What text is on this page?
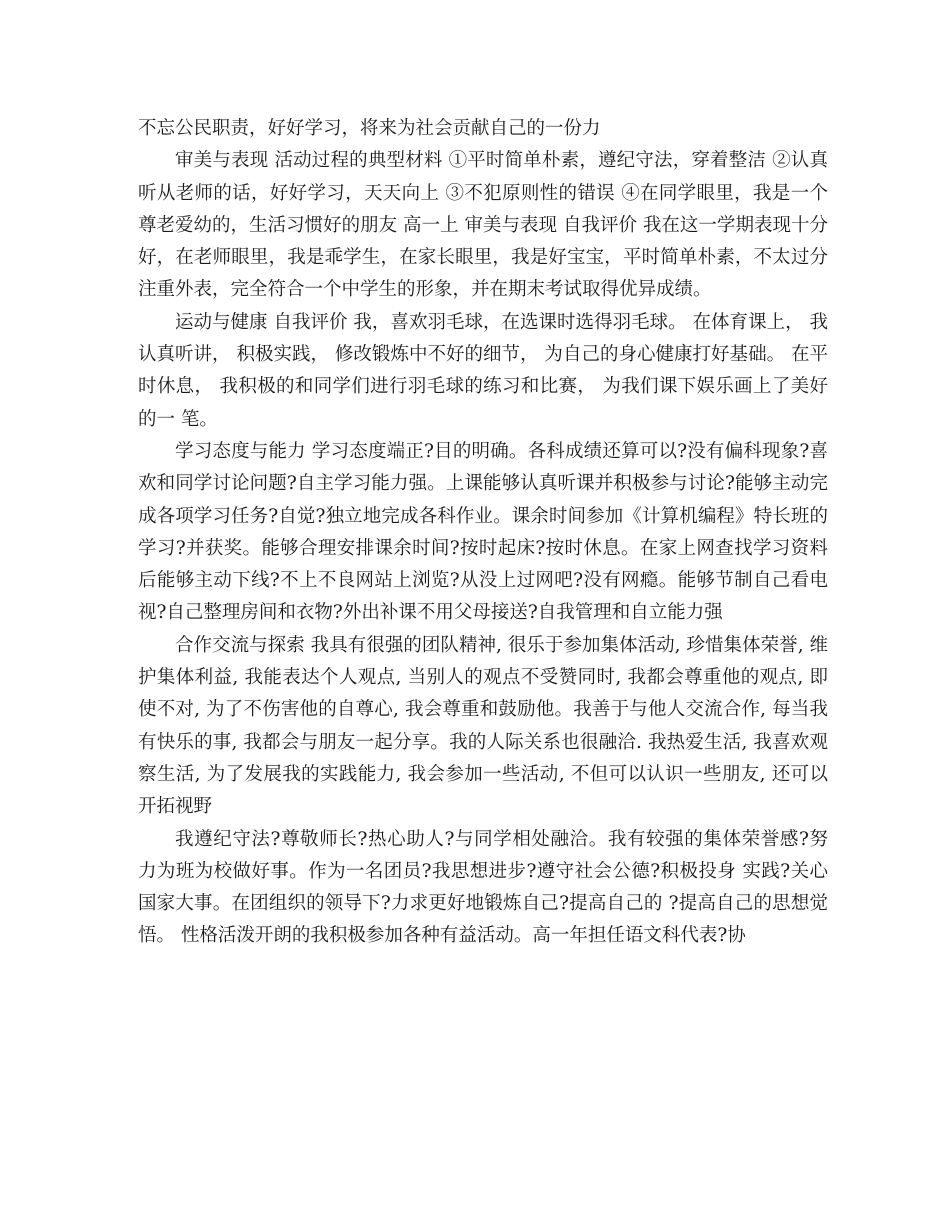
不忘公民职责，好好学习，将来为社会贡献自己的一份力

审美与表现 活动过程的典型材料 ①平时简单朴素，遵纪守法，穿着整洁 ②认真听从老师的话，好好学习，天天向上 ③不犯原则性的错误 ④在同学眼里，我是一个尊老爱幼的，生活习惯好的朋友 高一上 审美与表现 自我评价 我在这一学期表现十分好，在老师眼里，我是乖学生，在家长眼里，我是好宝宝，平时简单朴素，不太过分注重外表，完全符合一个中学生的形象，并在期末考试取得优异成绩。

运动与健康 自我评价 我，喜欢羽毛球，在选课时选得羽毛球。 在体育课上， 我认真听讲， 积极实践， 修改锻炼中不好的细节， 为自己的身心健康打好基础。 在平时休息， 我积极的和同学们进行羽毛球的练习和比赛， 为我们课下娱乐画上了美好的一 笔。

学习态度与能力 学习态度端正?目的明确。各科成绩还算可以?没有偏科现象?喜欢和同学讨论问题?自主学习能力强。上课能够认真听课并积极参与讨论?能够主动完成各项学习任务?自觉?独立地完成各科作业。课余时间参加《计算机编程》特长班的学习?并获奖。能够合理安排课余时间?按时起床?按时休息。在家上网查找学习资料后能够主动下线?不上不良网站上浏览?从没上过网吧?没有网瘾。能够节制自己看电视?自己整理房间和衣物?外出补课不用父母接送?自我管理和自立能力强

合作交流与探索 我具有很强的团队精神, 很乐于参加集体活动, 珍惜集体荣誉, 维护集体利益, 我能表达个人观点, 当别人的观点不受赞同时, 我都会尊重他的观点, 即使不对, 为了不伤害他的自尊心, 我会尊重和鼓励他。我善于与他人交流合作, 每当我有快乐的事, 我都会与朋友一起分享。我的人际关系也很融洽. 我热爱生活, 我喜欢观察生活, 为了发展我的实践能力, 我会参加一些活动, 不但可以认识一些朋友, 还可以开拓视野

我遵纪守法?尊敬师长?热心助人?与同学相处融洽。我有较强的集体荣誉感?努 力为班为校做好事。作为一名团员?我思想进步?遵守社会公德?积极投身 实践?关心国家大事。在团组织的领导下?力求更好地锻炼自己?提高自己的 ?提高自己的思想觉悟。 性格活泼开朗的我积极参加各种有益活动。高一年担任语文科代表?协
